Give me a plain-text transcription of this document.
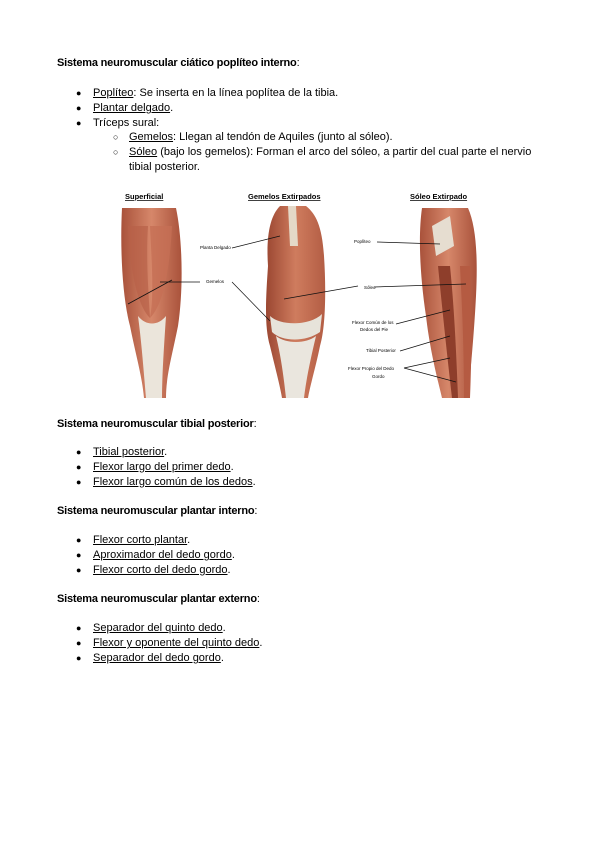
Sistema neuromuscular ciático poplíteo interno:
● Poplíteo: Se inserta en la línea poplítea de la tibia.
● Plantar delgado.
● Tríceps sural:
○ Gemelos: Llegan al tendón de Aquiles (junto al sóleo).
○ Sóleo (bajo los gemelos): Forman el arco del sóleo, a partir del cual parte el nervio tibial posterior.
Superficial	Gemelos Extirpados
Planta Delgado
Gemelos
Sóleo
Sóleo Extirpado
Poplíteo
Flexor Común de los
Dedos del Pie
Tibial Posterior
Flexor Propio del Dedo
Gordo
Sistema neuromuscular tibial posterior:
● Tibial posterior.
● Flexor largo del primer dedo.
● Flexor largo común de los dedos.
Sistema neuromuscular plantar interno:
● Flexor corto plantar.
● Aproximador del dedo gordo.
● Flexor corto del dedo gordo.
Sistema neuromuscular plantar externo:
● Separador del quinto dedo.
● Flexor y oponente del quinto dedo.
● Separador del dedo gordo.
